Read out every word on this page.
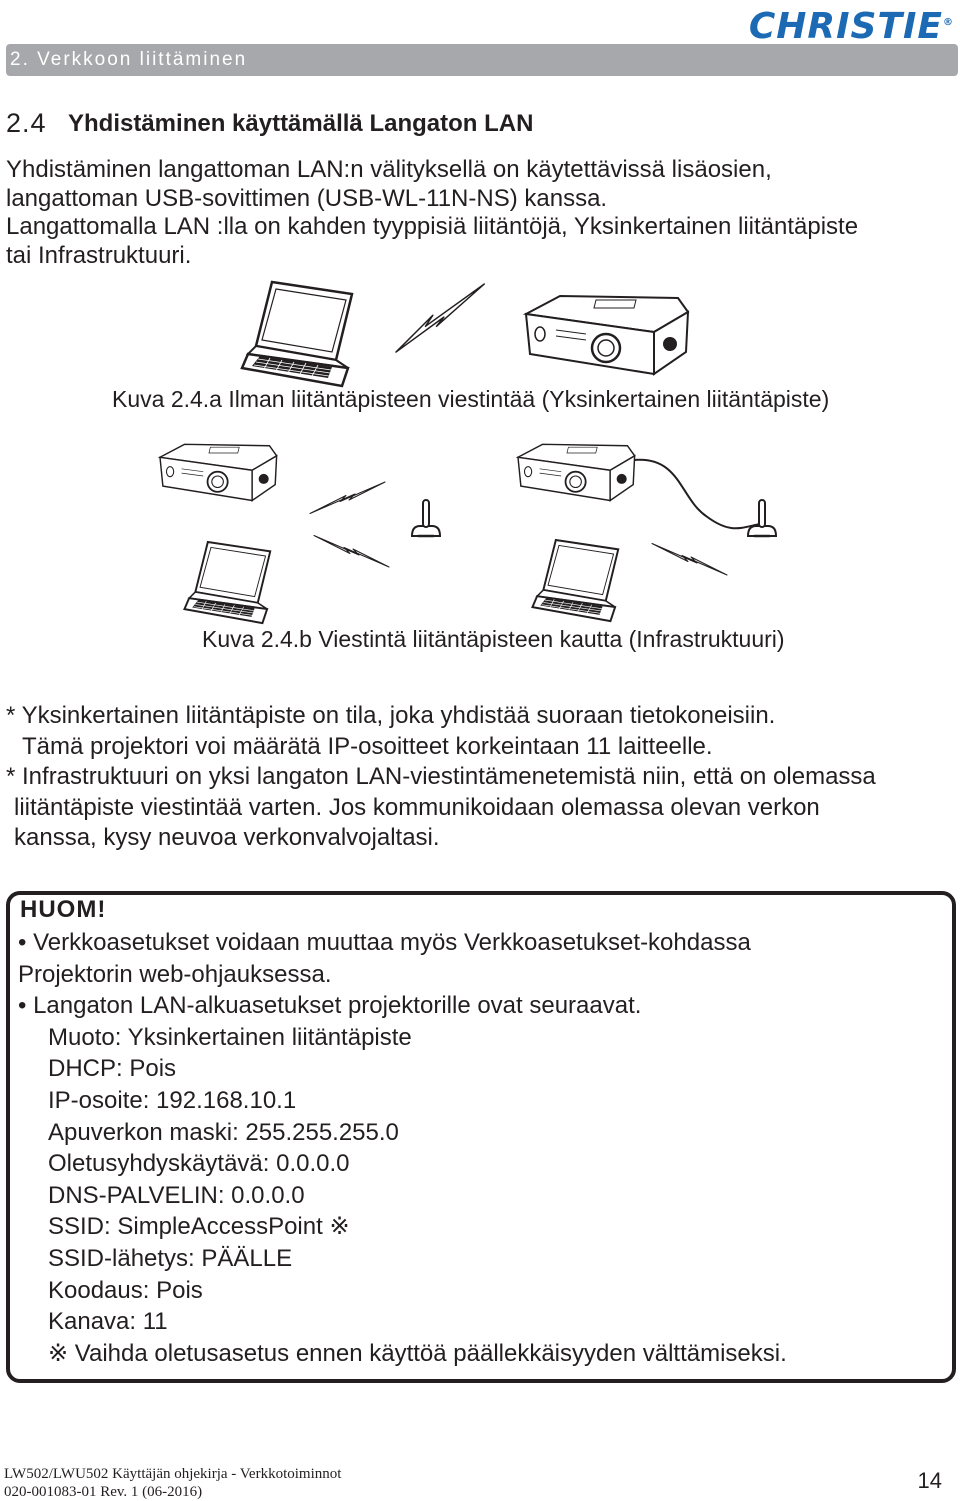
2. Verkkoon liittäminen
CHRISTIE®
2.4 Yhdistäminen käyttämällä Langaton LAN
Yhdistäminen langattoman LAN:n välityksellä on käytettävissä lisäosien,
langattoman USB-sovittimen (USB-WL-11N-NS) kanssa.
Langattomalla LAN :lla on kahden tyyppisiä liitäntöjä, Yksinkertainen liitäntäpiste
tai Infrastruktuuri.
Kuva 2.4.a Ilman liitäntäpisteen viestintää (Yksinkertainen liitäntäpiste)
Kuva 2.4.b Viestintä liitäntäpisteen kautta (Infrastruktuuri)
* Yksinkertainen liitäntäpiste on tila, joka yhdistää suoraan tietokoneisiin.
Tämä projektori voi määrätä IP-osoitteet korkeintaan 11 laitteelle.
* Infrastruktuuri on yksi langaton LAN-viestintämenetemistä niin, että on olemassa
liitäntäpiste viestintää varten. Jos kommunikoidaan olemassa olevan verkon
kanssa, kysy neuvoa verkonvalvojaltasi.
HUOM!
• Verkkoasetukset voidaan muuttaa myös Verkkoasetukset-kohdassa
Projektorin web-ohjauksessa.
• Langaton LAN-alkuasetukset projektorille ovat seuraavat.
Muoto: Yksinkertainen liitäntäpiste
DHCP: Pois
IP-osoite: 192.168.10.1
Apuverkon maski: 255.255.255.0
Oletusyhdyskäytävä: 0.0.0.0
DNS-PALVELIN: 0.0.0.0
SSID: SimpleAccessPoint ※
SSID-lähetys: PÄÄLLE
Koodaus: Pois
Kanava: 11
※ Vaihda oletusasetus ennen käyttöä päällekkäisyyden välttämiseksi.
LW502/LWU502 Käyttäjän ohjekirja - Verkkotoiminnot
020-001083-01 Rev. 1 (06-2016)	14
